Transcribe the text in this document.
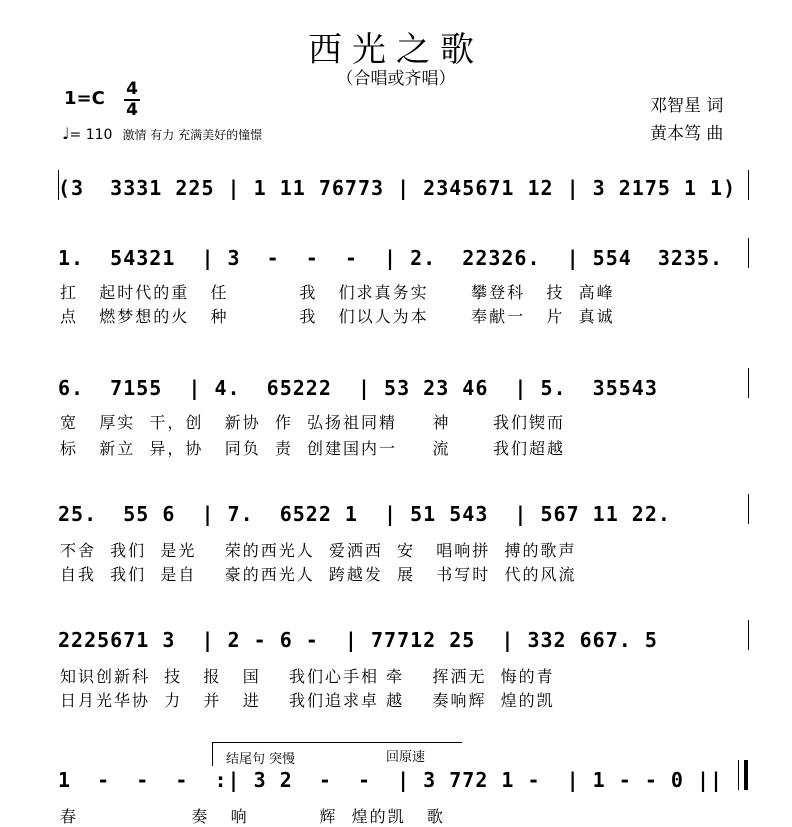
西光之歌
（合唱或齐唱）
1=C 4
4
♩= 110 激情 有力 充满美好的憧憬
邓智星 词
黄本笃 曲
(3  3331 225 | 1 11 76773 | 2345671 12 | 3 2175 1 1)
1.  54321  | 3  -  -  -  | 2.  22326.  | 554  3235.
扛   起时代的重   任          我   们求真务实      攀登科   技  高峰
点   燃梦想的火   种          我   们以人为本      奉献一   片  真诚
6.  7155  | 4.  65222  | 53 23 46  | 5.  35543
宽   厚实  干，创   新协  作  弘扬祖同精     神      我们锲而
标   新立  异，协   同负  责  创建国内一     流      我们超越
25.  55 6  | 7.  6522 1  | 51 543  | 567 11 22.
不舍  我们  是光    荣的西光人  爱洒西  安   唱响拼  搏的歌声
自我  我们  是自    豪的西光人  跨越发  展   书写时  代的风流
2225671 3  | 2 - 6 -  | 77712 25  | 332 667. 5
知识创新科  技   报   国    我们心手相 牵    挥洒无  悔的青
日月光华协  力   并   进    我们追求卓 越    奏响辉  煌的凯
结尾句 突慢	回原速
1  -  -  -  :| 3 2  -  -  | 3 772 1 -  | 1 - - 0 ||
春                奏   响          辉  煌的凯   歌
